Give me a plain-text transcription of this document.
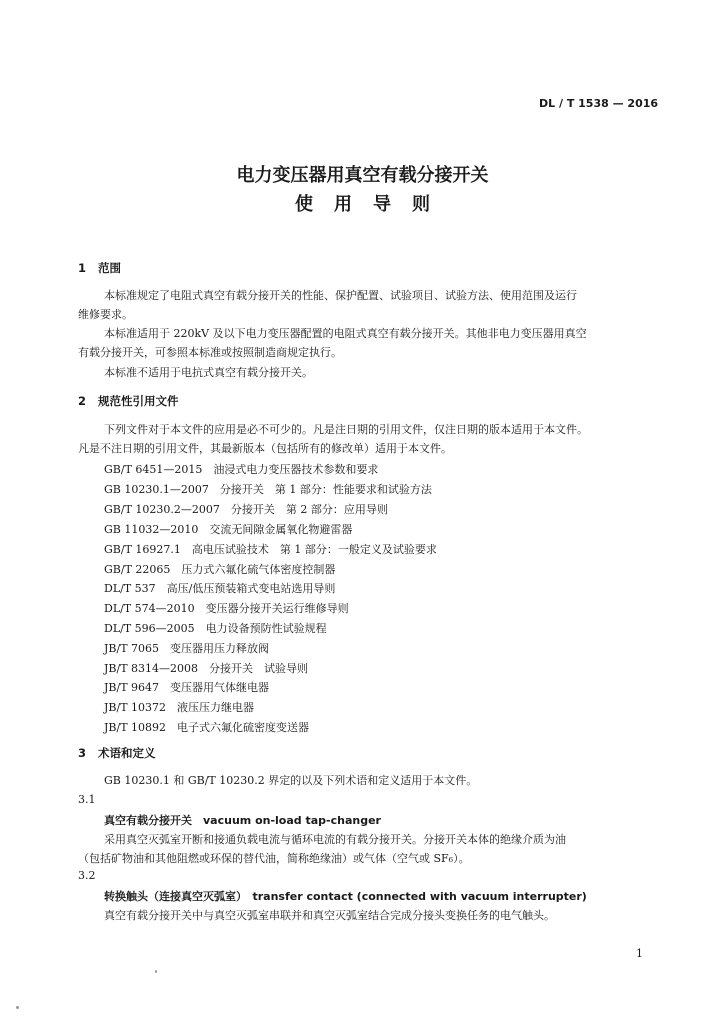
DL / T 1538 — 2016
电力变压器用真空有载分接开关
使用导则
1 范围
本标准规定了电阻式真空有载分接开关的性能、保护配置、试验项目、试验方法、使用范围及运行
维修要求。
本标准适用于 220kV 及以下电力变压器配置的电阻式真空有载分接开关。其他非电力变压器用真空
有载分接开关，可参照本标准或按照制造商规定执行。
本标准不适用于电抗式真空有载分接开关。
2 规范性引用文件
下列文件对于本文件的应用是必不可少的。凡是注日期的引用文件，仅注日期的版本适用于本文件。
凡是不注日期的引用文件，其最新版本（包括所有的修改单）适用于本文件。
GB/T 6451—2015　油浸式电力变压器技术参数和要求
GB 10230.1—2007　分接开关　第 1 部分：性能要求和试验方法
GB/T 10230.2—2007　分接开关　第 2 部分：应用导则
GB 11032—2010　交流无间隙金属氧化物避雷器
GB/T 16927.1　高电压试验技术　第 1 部分：一般定义及试验要求
GB/T 22065　压力式六氟化硫气体密度控制器
DL/T 537　高压/低压预装箱式变电站选用导则
DL/T 574—2010　变压器分接开关运行维修导则
DL/T 596—2005　电力设备预防性试验规程
JB/T 7065　变压器用压力释放阀
JB/T 8314—2008　分接开关　试验导则
JB/T 9647　变压器用气体继电器
JB/T 10372　液压压力继电器
JB/T 10892　电子式六氟化硫密度变送器
3 术语和定义
GB 10230.1 和 GB/T 10230.2 界定的以及下列术语和定义适用于本文件。
3.1
真空有载分接开关　vacuum on-load tap-changer
采用真空灭弧室开断和接通负载电流与循环电流的有载分接开关。分接开关本体的绝缘介质为油
（包括矿物油和其他阻燃或环保的替代油，简称绝缘油）或气体（空气或 SF₆）。
3.2
转换触头（连接真空灭弧室）　transfer contact (connected with vacuum interrupter)
真空有载分接开关中与真空灭弧室串联并和真空灭弧室结合完成分接头变换任务的电气触头。
1
